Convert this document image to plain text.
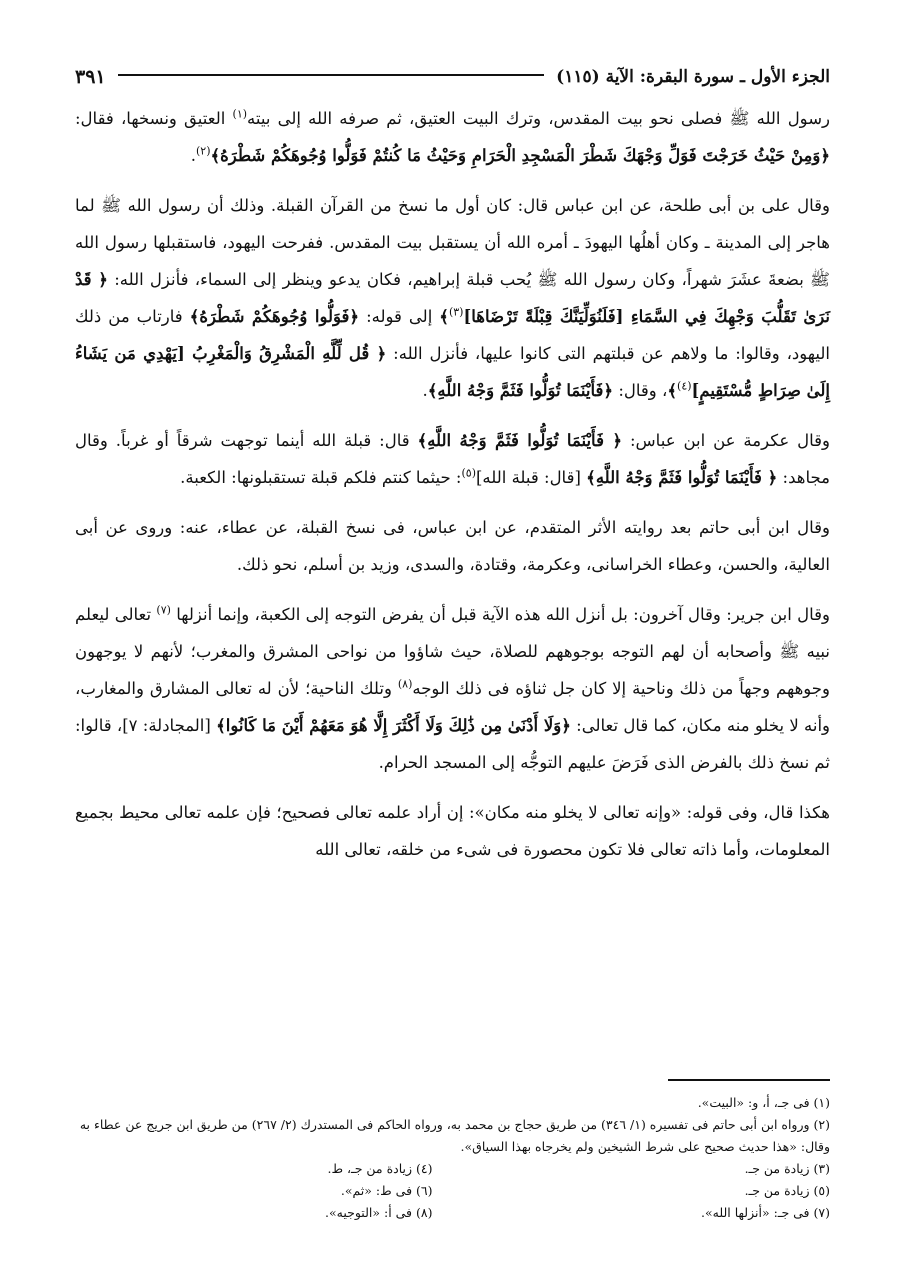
الجزء الأول ـ سورة البقرة: الآية (١١٥)
٣٩١

رسول الله ﷺ فصلى نحو بيت المقدس، وترك البيت العتيق، ثم صرفه الله إلى بيته$^{(١)}$ العتيق ونسخها، فقال: ﴿وَمِنْ حَيْثُ خَرَجْتَ فَوَلِّ وَجْهَكَ شَطْرَ الْمَسْجِدِ الْحَرَامِ وَحَيْثُ مَا كُنتُمْ فَوَلُّوا وُجُوهَكُمْ شَطْرَهُ﴾$^{(٢)}$.

وقال على بن أبى طلحة، عن ابن عباس قال: كان أول ما نسخ من القرآن القبلة. وذلك أن رسول الله ﷺ لما هاجر إلى المدينة ـ وكان أهلُها اليهودَ ـ أمره الله أن يستقبل بيت المقدس. ففرحت اليهود، فاستقبلها رسول الله ﷺ بضعةَ عشَرَ شهراً، وكان رسول الله ﷺ يُحب قبلة إبراهيم، فكان يدعو وينظر إلى السماء، فأنزل الله: ﴿ قَدْ نَرَىٰ تَقَلُّبَ وَجْهِكَ فِي السَّمَاءِ [فَلَنُوَلِّيَنَّكَ قِبْلَةً تَرْضَاهَا]$^{(٣)}$﴾ إلى قوله: ﴿فَوَلُّوا وُجُوهَكُمْ شَطْرَهُ﴾ فارتاب من ذلك اليهود، وقالوا: ما ولاهم عن قبلتهم التى كانوا عليها، فأنزل الله: ﴿ قُل لِّلَّهِ الْمَشْرِقُ وَالْمَغْرِبُ [يَهْدِي مَن يَشَاءُ إِلَىٰ صِرَاطٍ مُّسْتَقِيمٍ]$^{(٤)}$﴾، وقال: ﴿فَأَيْنَمَا تُوَلُّوا فَثَمَّ وَجْهُ اللَّهِ﴾.

وقال عكرمة عن ابن عباس: ﴿ فَأَيْنَمَا تُوَلُّوا فَثَمَّ وَجْهُ اللَّهِ﴾ قال: قبلة الله أينما توجهت شرقاً أو غرباً. وقال مجاهد: ﴿ فَأَيْنَمَا تُوَلُّوا فَثَمَّ وَجْهُ اللَّهِ﴾ [قال: قبلة الله]$^{(٥)}$: حيثما كنتم فلكم قبلة تستقبلونها: الكعبة.

وقال ابن أبى حاتم بعد روايته الأثر المتقدم، عن ابن عباس، فى نسخ القبلة، عن عطاء، عنه: وروى عن أبى العالية، والحسن، وعطاء الخراسانى، وعكرمة، وقتادة، والسدى، وزيد بن أسلم، نحو ذلك.

وقال ابن جرير: وقال آخرون: بل أنزل الله هذه الآية قبل أن يفرض التوجه إلى الكعبة، وإنما أنزلها $^{(٧)}$ تعالى ليعلم نبيه ﷺ وأصحابه أن لهم التوجه بوجوههم للصلاة، حيث شاؤوا من نواحى المشرق والمغرب؛ لأنهم لا يوجهون وجوههم وجهاً من ذلك وناحية إلا كان جل ثناؤه فى ذلك الوجه$^{(٨)}$ وتلك الناحية؛ لأن له تعالى المشارق والمغارب، وأنه لا يخلو منه مكان، كما قال تعالى: ﴿وَلَا أَدْنَىٰ مِن ذَٰلِكَ وَلَا أَكْثَرَ إِلَّا هُوَ مَعَهُمْ أَيْنَ مَا كَانُوا﴾ [المجادلة: ٧]، قالوا: ثم نسخ ذلك بالفرض الذى فَرَضَ عليهم التوجُّه إلى المسجد الحرام.

هكذا قال، وفى قوله: «وإنه تعالى لا يخلو منه مكان»: إن أراد علمه تعالى فصحيح؛ فإن علمه تعالى محيط بجميع المعلومات، وأما ذاته تعالى فلا تكون محصورة فى شىء من خلقه، تعالى الله

(١) فى جـ، أ، و: «البيت».

(٢) ورواه ابن أبى حاتم فى تفسيره (١/ ٣٤٦) من طريق حجاج بن محمد به، ورواه الحاكم فى المستدرك (٢/ ٢٦٧) من طريق ابن جريج عن عطاء به وقال: «هذا حديث صحيح على شرط الشيخين ولم يخرجاه بهذا السياق».

(٣) زيادة من جـ.

(٤) زيادة من جـ، ط.

(٥) زيادة من جـ.

(٦) فى ط: «ثم».

(٧) فى جـ: «أنزلها الله».

(٨) فى أ: «التوجيه».
